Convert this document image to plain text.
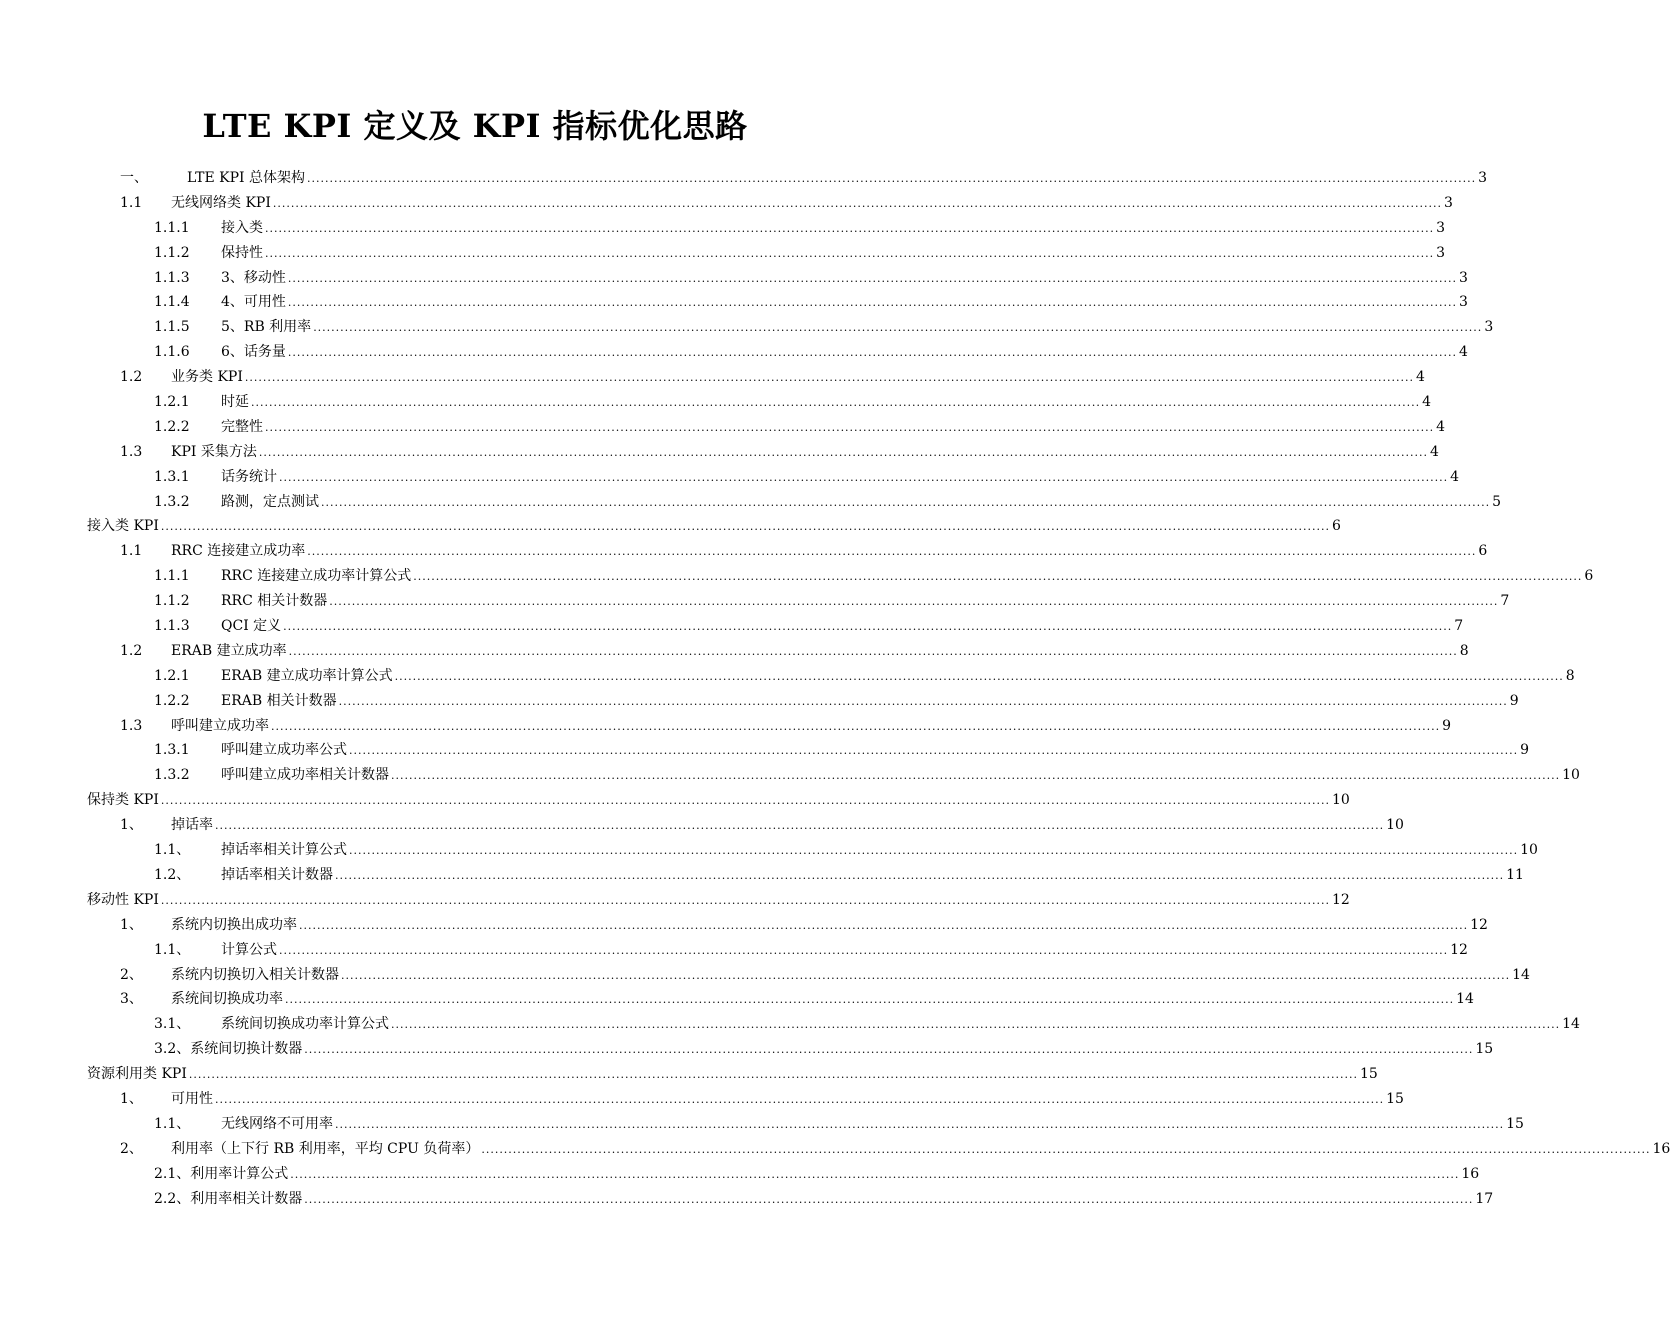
LTE KPI 定义及 KPI 指标优化思路
一、	LTE KPI 总体架构 .................................................................................................................................................................................................................................................................... 3
1.1 无线网络类 KPI .................................................................................................................................................................................................................................................................... 3
1.1.1 接入类 .................................................................................................................................................................................................................................................................... 3
1.1.2 保持性 .................................................................................................................................................................................................................................................................... 3
1.1.3 3、移动性 .................................................................................................................................................................................................................................................................... 3
1.1.4 4、可用性 .................................................................................................................................................................................................................................................................... 3
1.1.5 5、RB 利用率 .................................................................................................................................................................................................................................................................... 3
1.1.6 6、话务量 .................................................................................................................................................................................................................................................................... 4
1.2 业务类 KPI .................................................................................................................................................................................................................................................................... 4
1.2.1 时延 .................................................................................................................................................................................................................................................................... 4
1.2.2 完整性 .................................................................................................................................................................................................................................................................... 4
1.3 KPI 采集方法 .................................................................................................................................................................................................................................................................... 4
1.3.1 话务统计 .................................................................................................................................................................................................................................................................... 4
1.3.2 路测，定点测试 .................................................................................................................................................................................................................................................................... 5
接入类 KPI .................................................................................................................................................................................................................................................................... 6
1.1 RRC 连接建立成功率 .................................................................................................................................................................................................................................................................... 6
1.1.1 RRC 连接建立成功率计算公式 .................................................................................................................................................................................................................................................................... 6
1.1.2 RRC 相关计数器 .................................................................................................................................................................................................................................................................... 7
1.1.3 QCI 定义 .................................................................................................................................................................................................................................................................... 7
1.2 ERAB 建立成功率 .................................................................................................................................................................................................................................................................... 8
1.2.1 ERAB 建立成功率计算公式 .................................................................................................................................................................................................................................................................... 8
1.2.2 ERAB 相关计数器 .................................................................................................................................................................................................................................................................... 9
1.3 呼叫建立成功率 .................................................................................................................................................................................................................................................................... 9
1.3.1 呼叫建立成功率公式 .................................................................................................................................................................................................................................................................... 9
1.3.2 呼叫建立成功率相关计数器 .................................................................................................................................................................................................................................................................... 10
保持类 KPI .................................................................................................................................................................................................................................................................... 10
1、 掉话率 .................................................................................................................................................................................................................................................................... 10
1.1、 掉话率相关计算公式 .................................................................................................................................................................................................................................................................... 10
1.2、 掉话率相关计数器 .................................................................................................................................................................................................................................................................... 11
移动性 KPI .................................................................................................................................................................................................................................................................... 12
1、 系统内切换出成功率 .................................................................................................................................................................................................................................................................... 12
1.1、 计算公式 .................................................................................................................................................................................................................................................................... 12
2、 系统内切换切入相关计数器 .................................................................................................................................................................................................................................................................... 14
3、 系统间切换成功率 .................................................................................................................................................................................................................................................................... 14
3.1、 系统间切换成功率计算公式 .................................................................................................................................................................................................................................................................... 14
3.2、系统间切换计数器 .................................................................................................................................................................................................................................................................... 15
资源利用类 KPI .................................................................................................................................................................................................................................................................... 15
1、 可用性 .................................................................................................................................................................................................................................................................... 15
1.1、 无线网络不可用率 .................................................................................................................................................................................................................................................................... 15
2、 利用率（上下行 RB 利用率，平均 CPU 负荷率） .................................................................................................................................................................................................................................................................... 16
2.1、利用率计算公式 .................................................................................................................................................................................................................................................................... 16
2.2、利用率相关计数器 .................................................................................................................................................................................................................................................................... 17
